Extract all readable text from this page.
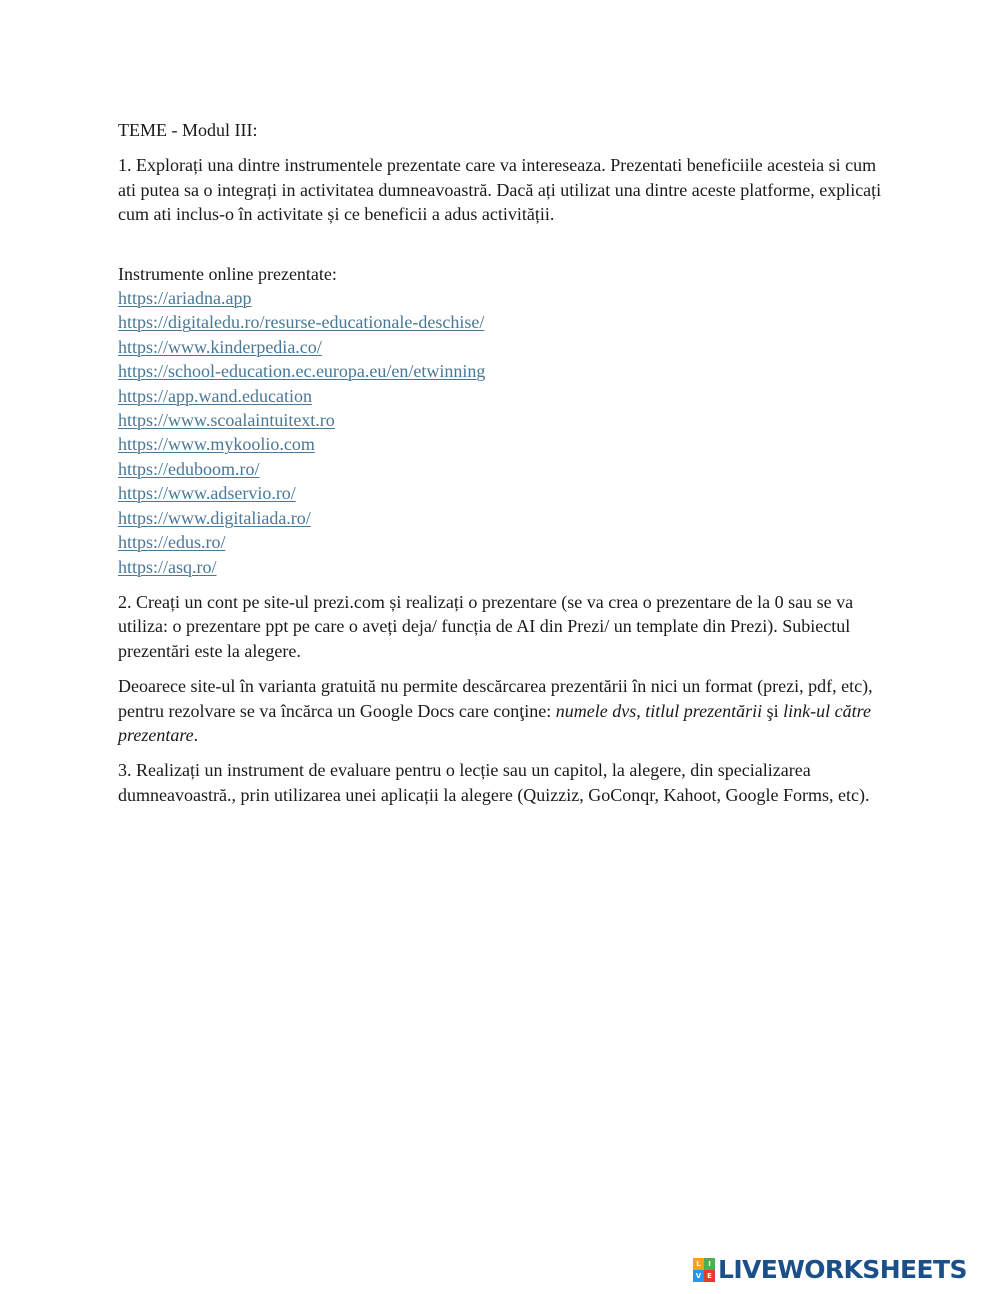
TEME - Modul III:

1. Explorați una dintre instrumentele prezentate care va intereseaza. Prezentati beneficiile acesteia si cum ati putea sa o integrați in activitatea dumneavoastră. Dacă ați utilizat una dintre aceste platforme, explicați cum ati inclus-o în activitate și ce beneficii a adus activității.

Instrumente online prezentate:

https://ariadna.app
https://digitaledu.ro/resurse-educationale-deschise/
https://www.kinderpedia.co/
https://school-education.ec.europa.eu/en/etwinning
https://app.wand.education
https://www.scoalaintuitext.ro
https://www.mykoolio.com
https://eduboom.ro/
https://www.adservio.ro/
https://www.digitaliada.ro/
https://edus.ro/
https://asq.ro/

2. Creați un cont pe site-ul prezi.com și realizați o prezentare (se va crea o prezentare de la 0 sau se va utiliza: o prezentare ppt pe care o aveți deja/ funcția de AI din Prezi/ un template din Prezi). Subiectul prezentări este la alegere.

Deoarece site-ul în varianta gratuită nu permite descărcarea prezentării în nici un format (prezi, pdf, etc), pentru rezolvare se va încărca un Google Docs care conţine: numele dvs, titlul prezentării şi link-ul către prezentare.

3. Realizați un instrument de evaluare pentru o lecție sau un capitol, la alegere, din specializarea dumneavoastră., prin utilizarea unei aplicații la alegere (Quizziz, GoConqr, Kahoot, Google Forms, etc).

L	I
V E LIVEWORKSHEETS
